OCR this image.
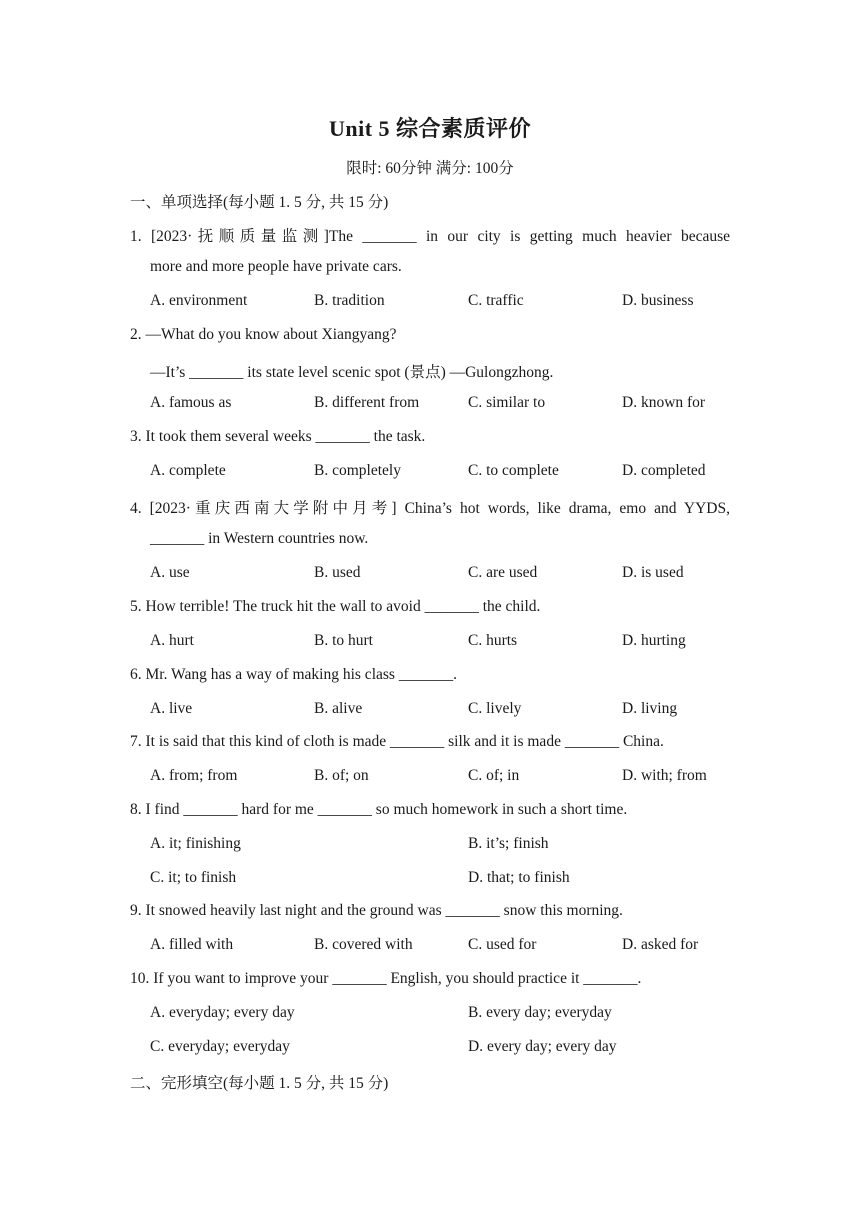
Unit 5 综合素质评价
限时: 60分钟 满分: 100分
一、单项选择(每小题 1. 5 分, 共 15 分)
1. [2023·抚顺质量监测]The _______ in our city is getting much heavier because
more and more people have private cars.
A. environment	B. tradition	C. traffic	D. business
2. —What do you know about Xiangyang?
—It’s _______ its state level scenic spot (景点) —Gulongzhong.
A. famous as	B. different from	C. similar to	D. known for
3. It took them several weeks _______ the task.
A. complete	B. completely	C. to complete	D. completed
4. [2023·重庆西南大学附中月考] China’s hot words, like drama, emo and YYDS,
_______ in Western countries now.
A. use	B. used	C. are used	D. is used
5. How terrible! The truck hit the wall to avoid _______ the child.
A. hurt	B. to hurt	C. hurts	D. hurting
6. Mr. Wang has a way of making his class _______.
A. live	B. alive	C. lively	D. living
7. It is said that this kind of cloth is made _______ silk and it is made _______ China.
A. from; from	B. of; on	C. of; in	D. with; from
8. I find _______ hard for me _______ so much homework in such a short time.
A. it; finishing	B. it’s; finish
C. it; to finish	D. that; to finish
9. It snowed heavily last night and the ground was _______ snow this morning.
A. filled with	B. covered with	C. used for	D. asked for
10. If you want to improve your _______ English, you should practice it _______.
A. everyday; every day	B. every day; everyday
C. everyday; everyday	D. every day; every day
二、完形填空(每小题 1. 5 分, 共 15 分)
